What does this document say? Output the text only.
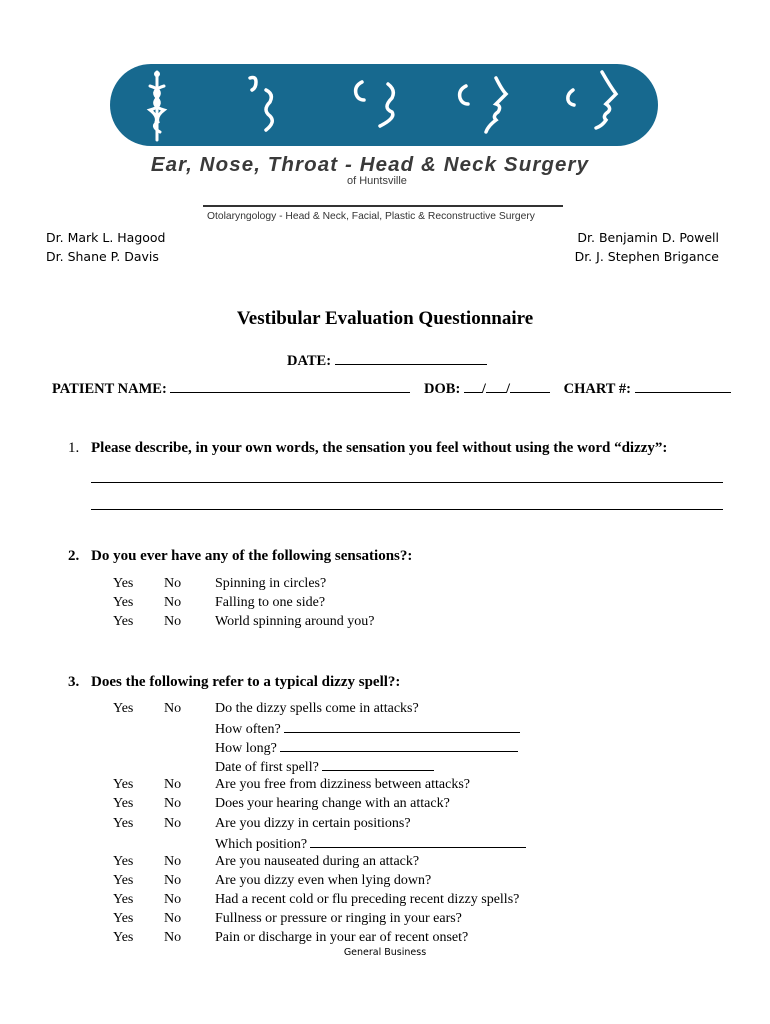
Ear, Nose, Throat - Head & Neck Surgery
of Huntsville
Otolaryngology - Head & Neck, Facial, Plastic & Reconstructive Surgery
Dr. Mark L. Hagood
Dr. Shane P. Davis
Dr. Benjamin D. Powell
Dr. J. Stephen Brigance
Vestibular Evaluation Questionnaire
DATE:
PATIENT NAME:	DOB: / /	CHART #:
1. Please describe, in your own words, the sensation you feel without using the word “dizzy”:
2. Do you ever have any of the following sensations?:
Yes No Spinning in circles?
Yes No Falling to one side?
Yes No World spinning around you?
3. Does the following refer to a typical dizzy spell?:
Yes No Do the dizzy spells come in attacks?
How often?
How long?
Date of first spell?
Yes No Are you free from dizziness between attacks?
Yes No Does your hearing change with an attack?
Yes No Are you dizzy in certain positions?
Which position?
Yes No Are you nauseated during an attack?
Yes No Are you dizzy even when lying down?
Yes No Had a recent cold or flu preceding recent dizzy spells?
Yes No Fullness or pressure or ringing in your ears?
Yes No Pain or discharge in your ear of recent onset?
General Business
